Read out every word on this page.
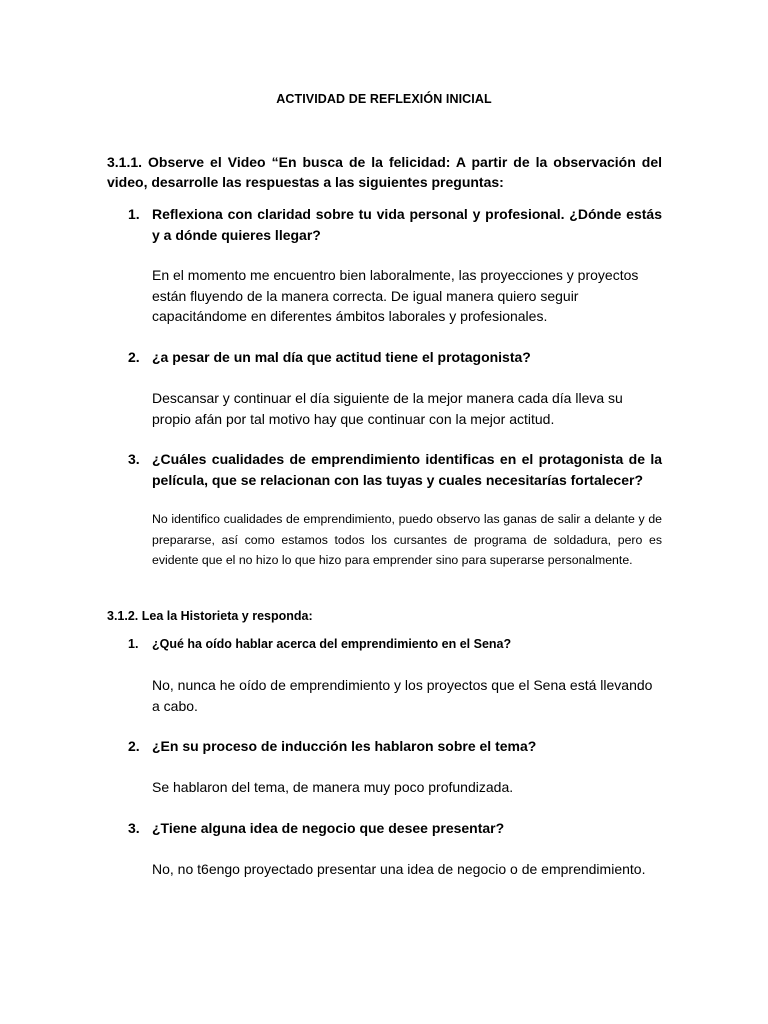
ACTIVIDAD DE REFLEXIÓN INICIAL
3.1.1. Observe el Video “En busca de la felicidad: A partir de la observación del video, desarrolle las respuestas a las siguientes preguntas:
1. Reflexiona con claridad sobre tu vida personal y profesional. ¿Dónde estás y a dónde quieres llegar?
En el momento me encuentro bien laboralmente, las proyecciones y proyectos están fluyendo de la manera correcta. De igual manera quiero seguir capacitándome en diferentes ámbitos laborales y profesionales.
2. ¿a pesar de un mal día que actitud tiene el protagonista?
Descansar y continuar el día siguiente de la mejor manera cada día lleva su propio afán por tal motivo hay que continuar con la mejor actitud.
3. ¿Cuáles cualidades de emprendimiento identificas en el protagonista de la película, que se relacionan con las tuyas y cuales necesitarías fortalecer?
No identifico cualidades de emprendimiento, puedo observo las ganas de salir a delante y de prepararse, así como estamos todos los cursantes de programa de soldadura, pero es evidente que el no hizo lo que hizo para emprender sino para superarse personalmente.
3.1.2. Lea la Historieta y responda:
1. ¿Qué ha oído hablar acerca del emprendimiento en el Sena?
No, nunca he oído de emprendimiento y los proyectos que el Sena está llevando a cabo.
2. ¿En su proceso de inducción les hablaron sobre el tema?
Se hablaron del tema, de manera muy poco profundizada.
3. ¿Tiene alguna idea de negocio que desee presentar?
No, no t6engo proyectado presentar una idea de negocio o de emprendimiento.
